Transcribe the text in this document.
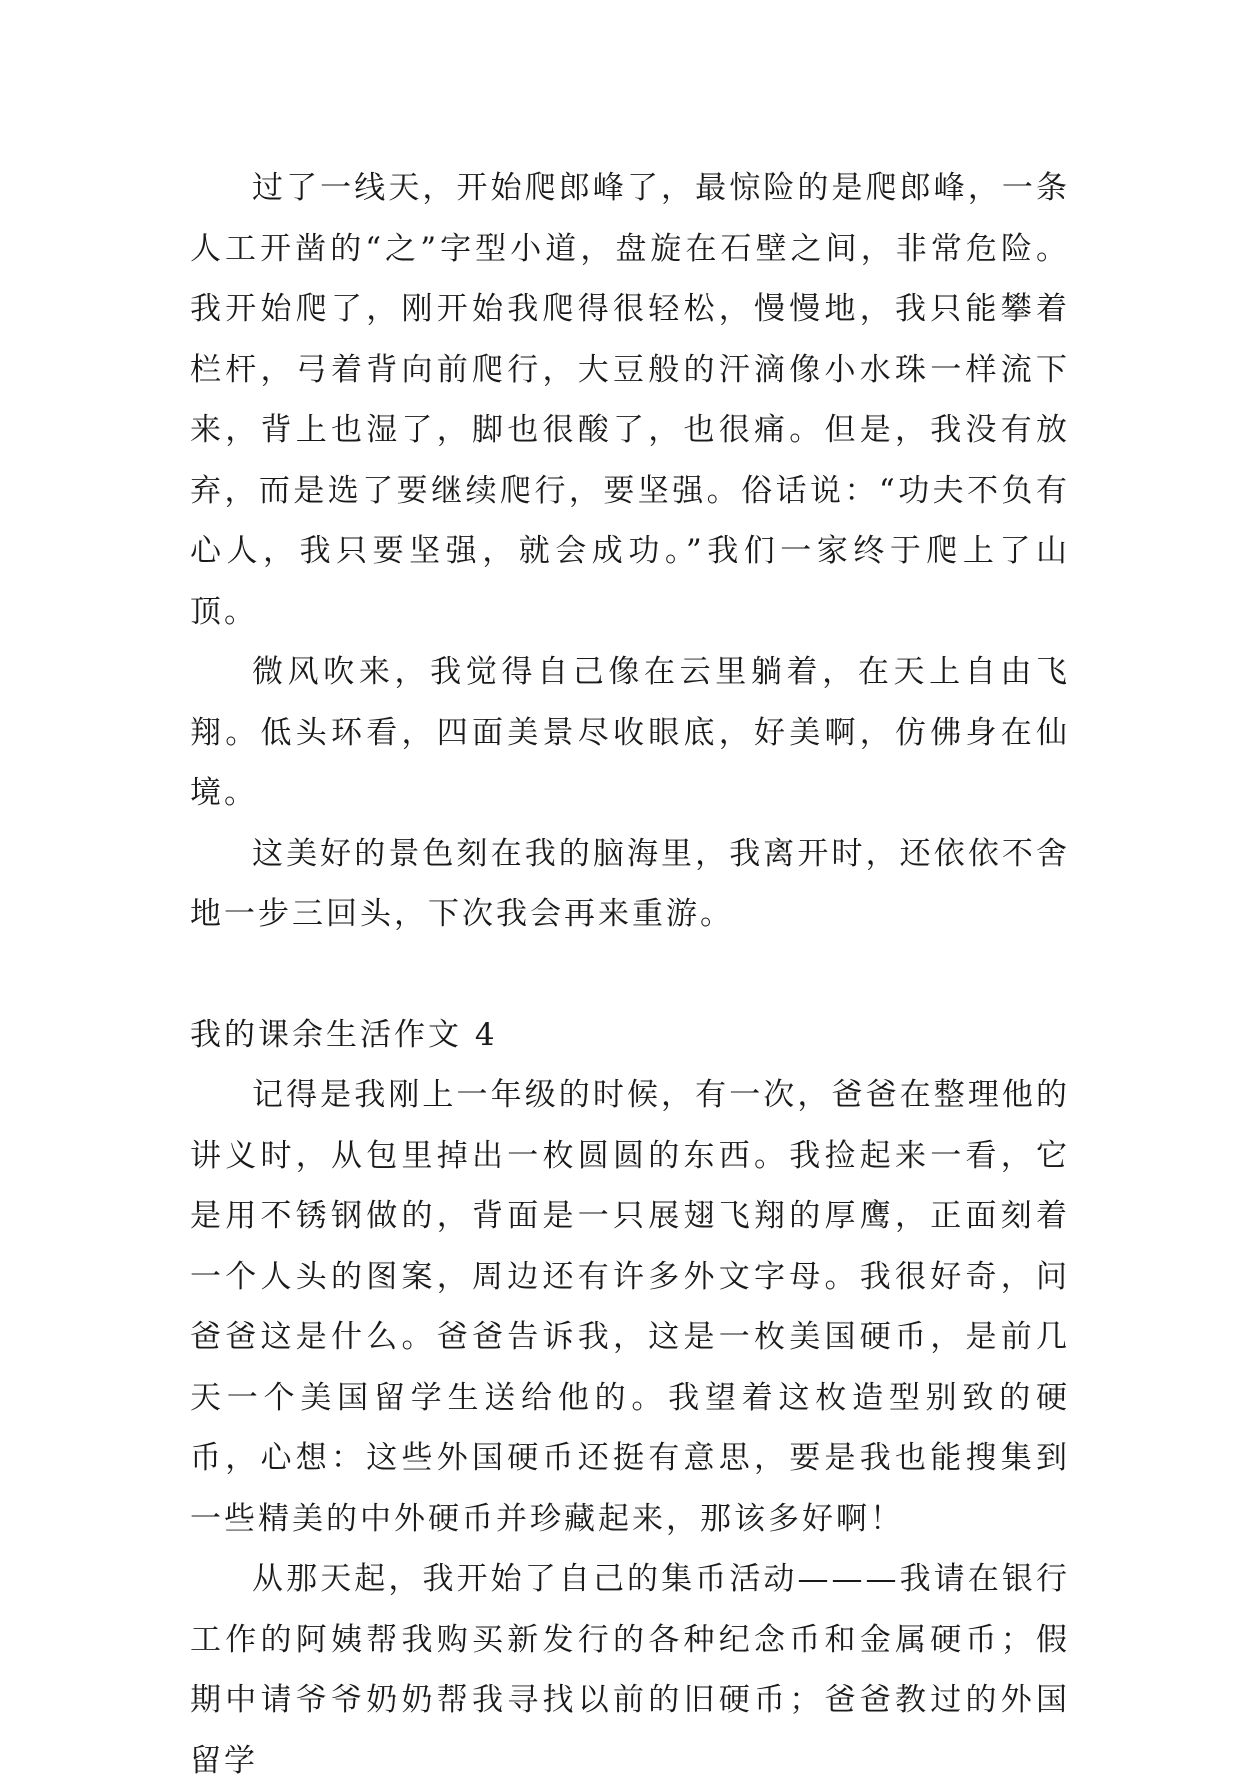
过了一线天，开始爬郎峰了，最惊险的是爬郎峰，一条人工开凿的“之”字型小道，盘旋在石壁之间，非常危险。我开始爬了，刚开始我爬得很轻松，慢慢地，我只能攀着栏杆，弓着背向前爬行，大豆般的汗滴像小水珠一样流下来，背上也湿了，脚也很酸了，也很痛。但是，我没有放弃，而是选了要继续爬行，要坚强。俗话说：“功夫不负有心人，我只要坚强，就会成功。”我们一家终于爬上了山顶。

微风吹来，我觉得自己像在云里躺着，在天上自由飞翔。低头环看，四面美景尽收眼底，好美啊，仿佛身在仙境。

这美好的景色刻在我的脑海里，我离开时，还依依不舍地一步三回头，下次我会再来重游。

我的课余生活作文 4

记得是我刚上一年级的时候，有一次，爸爸在整理他的讲义时，从包里掉出一枚圆圆的东西。我捡起来一看，它是用不锈钢做的，背面是一只展翅飞翔的厚鹰，正面刻着一个人头的图案，周边还有许多外文字母。我很好奇，问爸爸这是什么。爸爸告诉我，这是一枚美国硬币，是前几天一个美国留学生送给他的。我望着这枚造型别致的硬币，心想：这些外国硬币还挺有意思，要是我也能搜集到一些精美的中外硬币并珍藏起来，那该多好啊！

从那天起，我开始了自己的集币活动———我请在银行工作的阿姨帮我购买新发行的各种纪念币和金属硬币；假期中请爷爷奶奶帮我寻找以前的旧硬币；爸爸教过的外国留学
